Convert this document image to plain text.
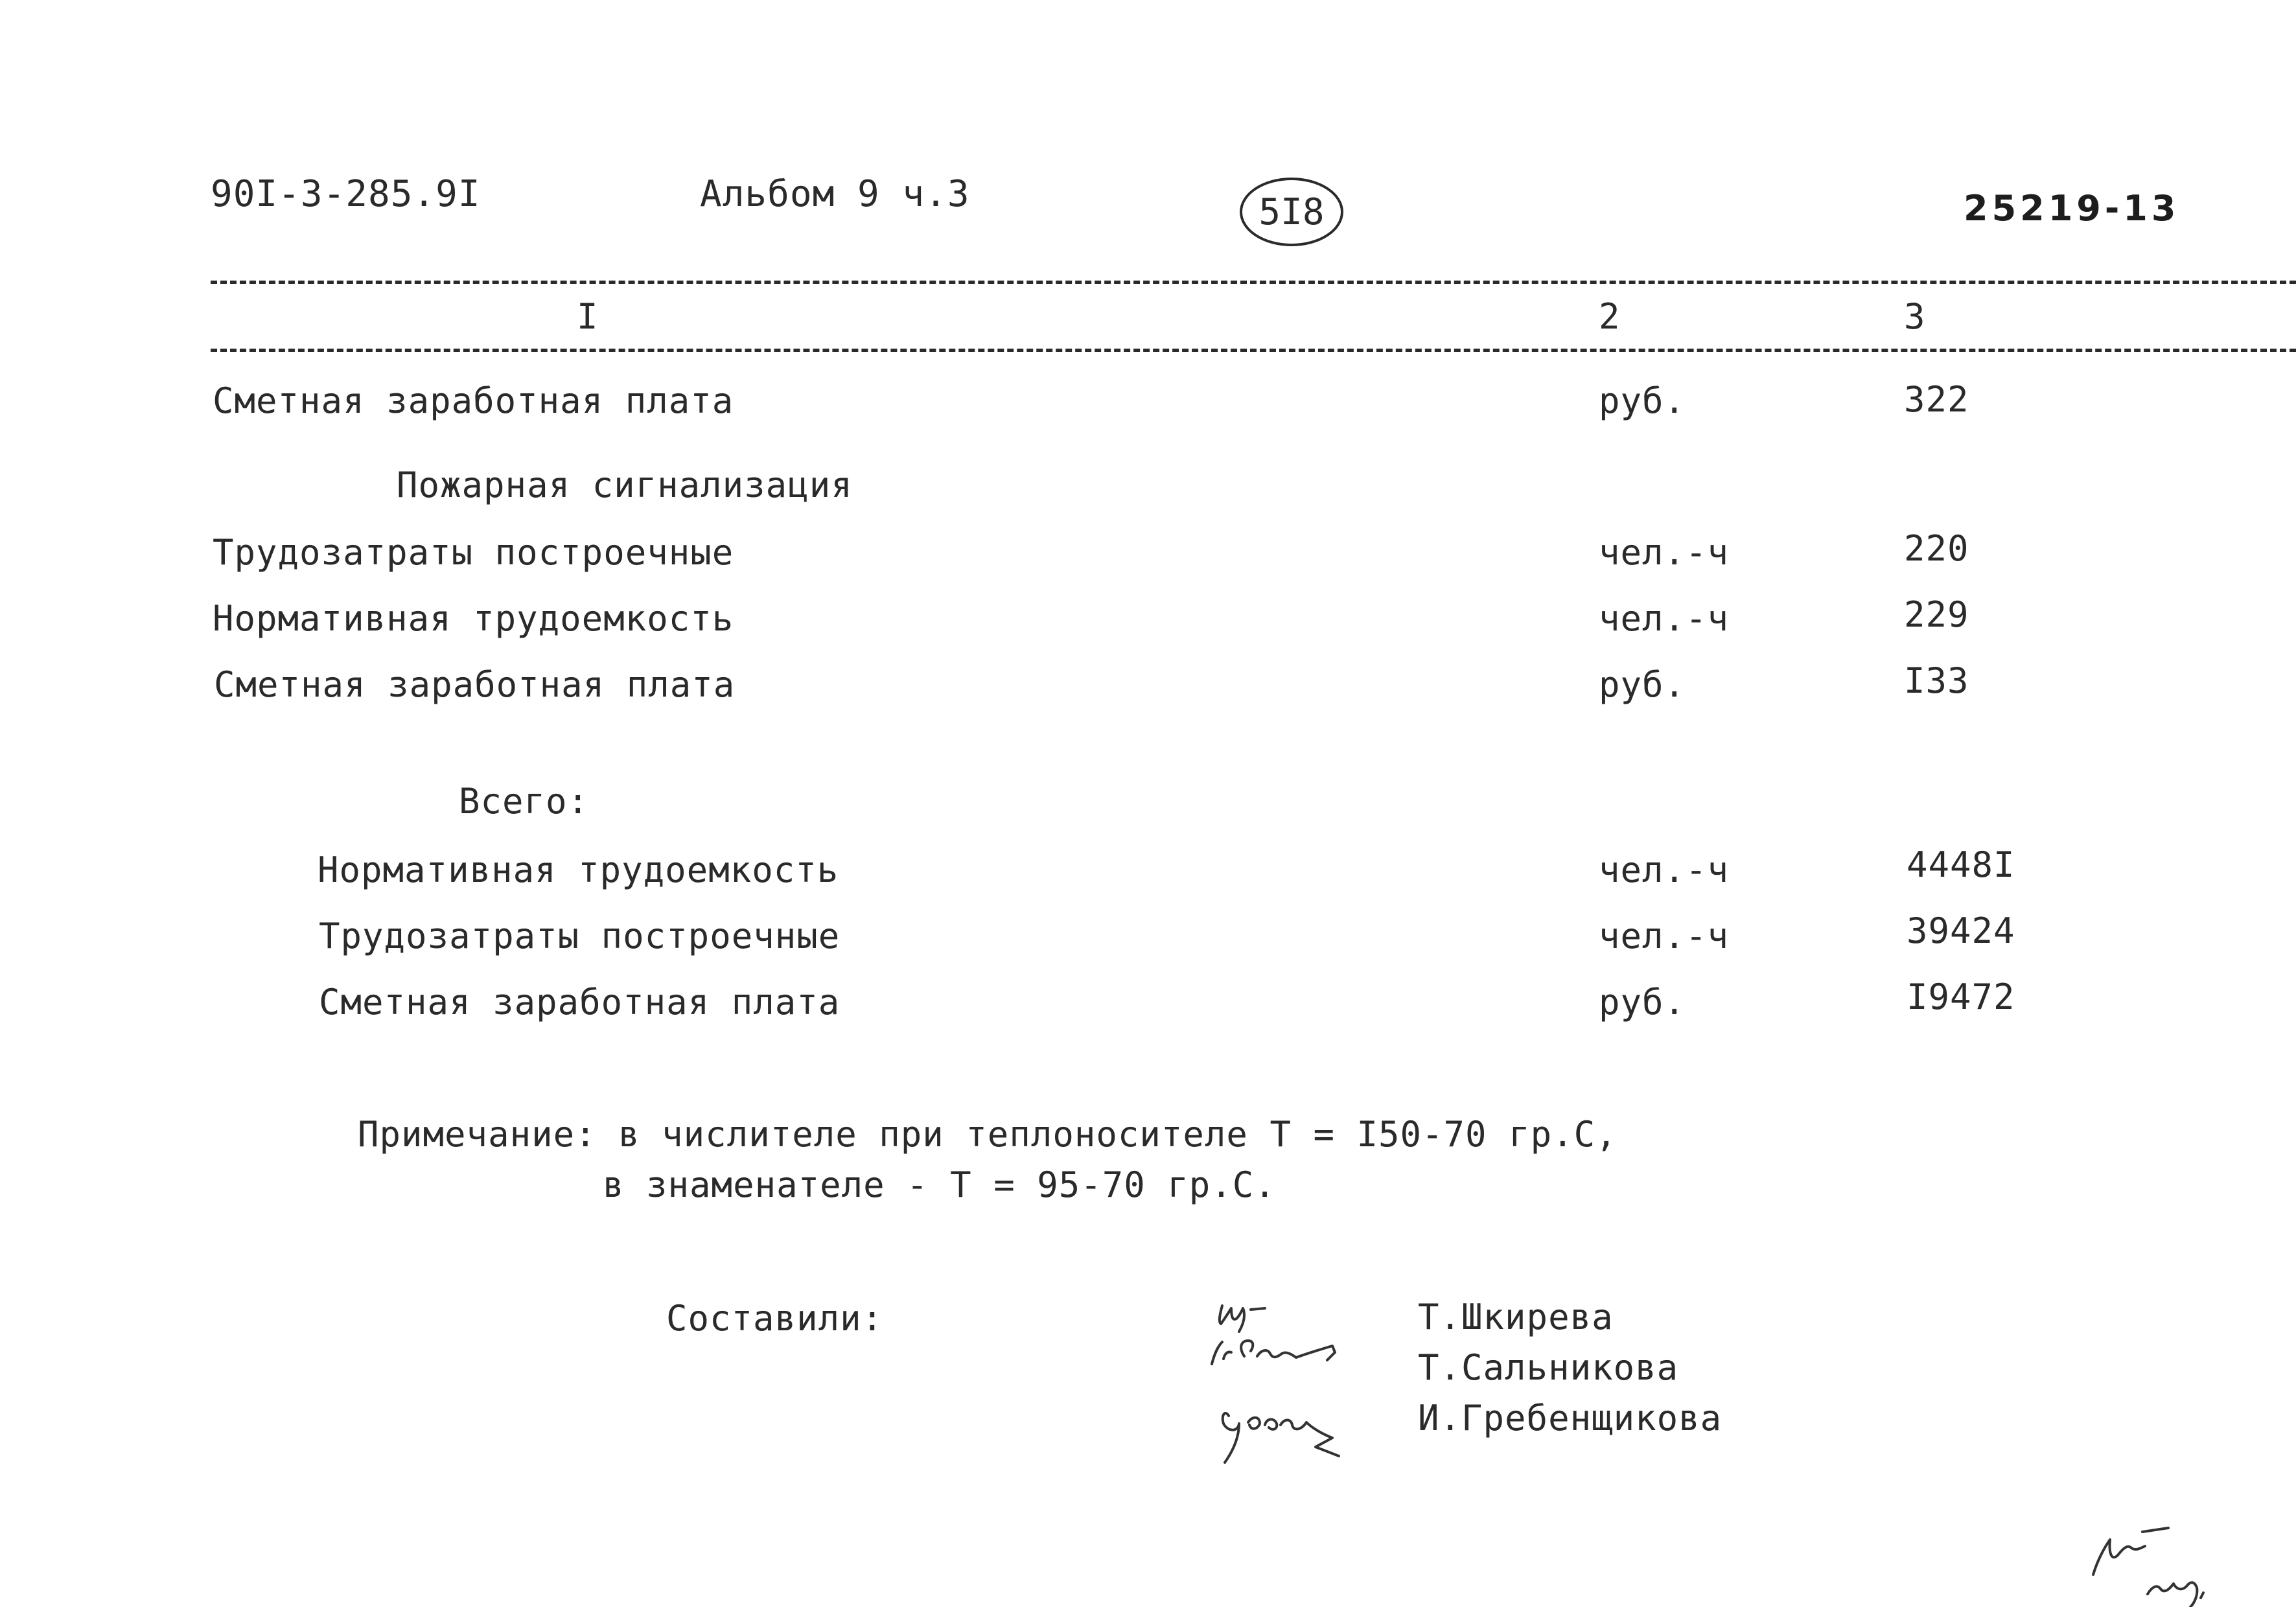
90I-3-285.9I	Альбом 9 ч.3	5I8	25219-13
I	2	3
Сметная заработная плата	руб.	322
Пожарная сигнализация
Трудозатраты построечные	чел.-ч	220
Нормативная трудоемкость	чел.-ч	229
Сметная заработная плата	руб.	I33
Всего:
Нормативная трудоемкость	чел.-ч	4448I
Трудозатраты построечные	чел.-ч	39424
Сметная заработная плата	руб.	I9472
Примечание: в числителе при теплоносителе Т = I50-70 гр.С,
в знаменателе - Т = 95-70 гр.С.
Составили:	Т.Шкирева
Т.Сальникова
И.Гребенщикова
